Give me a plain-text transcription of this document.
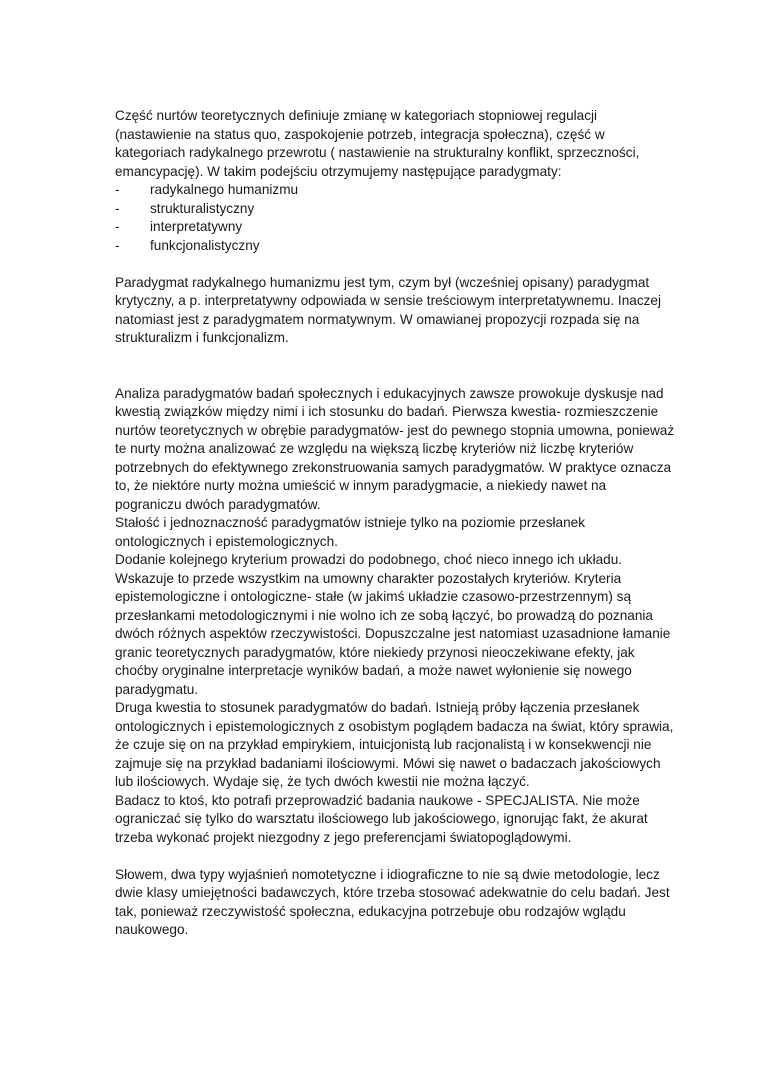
Część nurtów teoretycznych definiuje zmianę w kategoriach stopniowej regulacji (nastawienie na status quo, zaspokojenie potrzeb, integracja społeczna), część w kategoriach radykalnego przewrotu ( nastawienie na strukturalny konflikt, sprzeczności, emancypację). W takim podejściu otrzymujemy następujące paradygmaty:

-	radykalnego humanizmu
-	strukturalistyczny
-	interpretatywny
-	funkcjonalistyczny

Paradygmat radykalnego humanizmu jest tym, czym był (wcześniej opisany) paradygmat krytyczny, a p. interpretatywny odpowiada w sensie treściowym interpretatywnemu. Inaczej natomiast jest z paradygmatem normatywnym. W omawianej propozycji rozpada się na strukturalizm i funkcjonalizm.

Analiza paradygmatów badań społecznych i edukacyjnych zawsze prowokuje dyskusje nad kwestią związków między nimi i ich stosunku do badań. Pierwsza kwestia- rozmieszczenie nurtów teoretycznych w obrębie paradygmatów- jest do pewnego stopnia umowna, ponieważ te nurty można analizować ze względu na większą liczbę kryteriów niż liczbę kryteriów potrzebnych do efektywnego zrekonstruowania samych paradygmatów. W praktyce oznacza to, że niektóre nurty można umieścić w innym paradygmacie, a niekiedy nawet na pograniczu dwóch paradygmatów.

Stałość i jednoznaczność paradygmatów istnieje tylko na poziomie przesłanek ontologicznych i epistemologicznych.

Dodanie kolejnego kryterium prowadzi do podobnego, choć nieco innego ich układu. Wskazuje to przede wszystkim na umowny charakter pozostałych kryteriów. Kryteria epistemologiczne i ontologiczne- stałe (w jakimś układzie czasowo-przestrzennym) są przesłankami metodologicznymi i nie wolno ich ze sobą łączyć, bo prowadzą do poznania dwóch różnych aspektów rzeczywistości. Dopuszczalne jest natomiast uzasadnione łamanie granic teoretycznych paradygmatów, które niekiedy przynosi nieoczekiwane efekty, jak choćby oryginalne interpretacje wyników badań, a może nawet wyłonienie się nowego paradygmatu.

Druga kwestia to stosunek paradygmatów do badań. Istnieją próby łączenia przesłanek ontologicznych i epistemologicznych z osobistym poglądem badacza na świat, który sprawia, że czuje się on na przykład empirykiem, intuicjonistą lub racjonalistą i w konsekwencji nie zajmuje się na przykład badaniami ilościowymi. Mówi się nawet o badaczach jakościowych lub ilościowych. Wydaje się, że tych dwóch kwestii nie można łączyć.

Badacz to ktoś, kto potrafi przeprowadzić badania naukowe - SPECJALISTA. Nie może ograniczać się tylko do warsztatu ilościowego lub jakościowego, ignorując fakt, że akurat trzeba wykonać projekt niezgodny z jego preferencjami światopoglądowymi.

Słowem, dwa typy wyjaśnień nomotetyczne i idiograficzne to nie są dwie metodologie, lecz dwie klasy umiejętności badawczych, które trzeba stosować adekwatnie do celu badań. Jest tak, ponieważ rzeczywistość społeczna, edukacyjna potrzebuje obu rodzajów wglądu naukowego.
